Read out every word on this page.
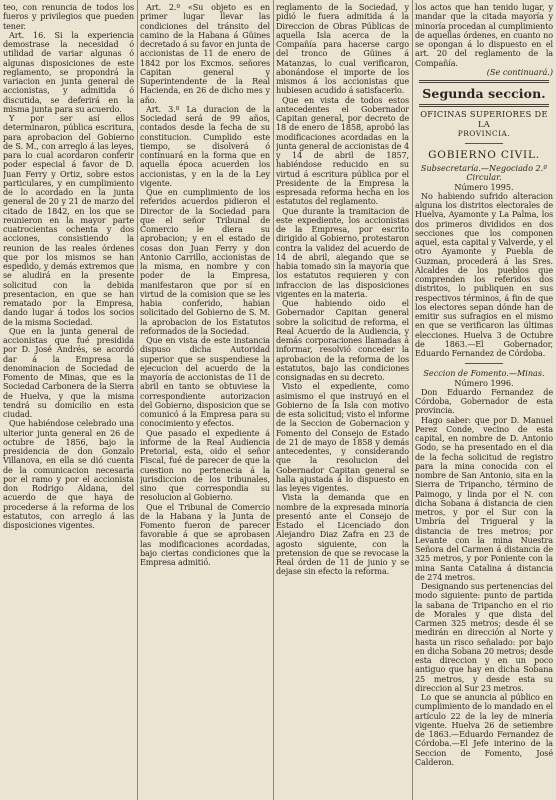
teo, con renuncia de todos los fueros y privilegios que pueden tener.

Art. 16. Si la experiencia demostrase la necesidad ó utilidad de variar algunas ó algunas disposiciones de este reglamento, se propondrá la variacion en junta general de accionistas, y admitida ó discutida, se deferirá en la misma junta para su acuerdo.

Y por ser así ellos determinaron, pública escritura, para aprobacion del Gobierno de S. M., con arreglo á las leyes, para lo cual acordaron conferir poder especial á favor de D. Juan Ferry y Ortiz, sobre estos particulares, y en cumplimiento de lo acordado en la junta general de 20 y 21 de marzo del citado de 1842, en los que se reunieron en la mayor parte cuatrocientas ochenta y dos acciones, consistiendo la reunion de las reales órdenes que por los mismos se han espedido, y demás extremos que se aludirá en la presente solicitud con la debida presentacion, en que se han rematado por la Empresa, dando lugar á todos los socios de la misma Sociedad.

Que en la junta general de accionistas que fué presidida por D. José Andrés, se acordó dar á la Empresa la denominacion de Sociedad de Fomento de Minas, que es la Sociedad Carbonera de la Sierra de Huelva, y que la misma tendrá su domicilio en esta ciudad.

Que habiéndose celebrado una ulterior junta general en 26 de octubre de 1856, bajo la presidencia de don Gonzalo Villanova, en ella se dió cuenta de la comunicacion necesaria por el ramo y por el accionista don Rodrigo Aldana, del acuerdo de que haya de procederse á la reforma de los estatutos, con arreglo á las disposiciones vigentes.

Art. 2.º «Su objeto es en primer lugar llevar las condiciones del tránsito del camino de la Habana á Güines decretado á su favor en junta de accionistas de 11 de enero de 1842 por los Excmos. señores Capitan general y Superintendente de la Real Hacienda, en 26 de dicho mes y año.

Art. 3.º La duracion de la Sociedad será de 99 años, contados desde la fecha de su constitucion. Cumplido este tiempo, se disolverá ó continuará en la forma que en aquella época acuerden los accionistas, y en la de la Ley vigente.

Que en cumplimiento de los referidos acuerdos pidieron el Director de la Sociedad para que el señor Tribunal de Comercio le diera su aprobacion; y en el estado de cosas don Juan Ferry y don Antonio Carrillo, accionistas de la misma, en nombre y con poder de la Empresa, manifestaron que por sí en virtud de la comision que se les habia conferido, habian solicitado del Gobierno de S. M. la aprobacion de los Estatutos reformados de la Sociedad.

Que en vista de este instancia dispuso dicha Autoridad superior que se suspendiese la ejecucion del acuerdo de la mayoría de accionistas de 11 de abril en tanto se obtuviese la correspondiente autorizacion del Gobierno, disposicion que se comunicó á la Empresa para su conocimiento y efectos.

Que pasado el expediente á informe de la Real Audiencia Pretorial, esta, oido el señor Fiscal, fué de parecer de que la cuestion no pertenecia á la jurisdiccion de los tribunales, sino que correspondia su resolucion al Gobierno.

Que el Tribunal de Comercio de la Habana y la Junta de Fomento fueron de parecer favorable á que se aprobasen las modificaciones acordadas, bajo ciertas condiciones que la Empresa admitió.

reglamento de la Sociedad, y pidió le fuera admitida á la Direccion de Obras Públicas de aquella Isla acerca de la Compañía para hacerse cargo del tronco de Güines á Matanzas, lo cual verificaron, abonándose el importe de los mismos á los accionistas que hubiesen acudido á satisfacerlo.

Que en vista de todos estos antecedentes el Gobernador Capitan general, por decreto de 18 de enero de 1858, aprobó las modificaciones acordadas en la junta general de accionistas de 4 y 14 de abril de 1857, habiéndose reducido en su virtud á escritura pública por el Presidente de la Empresa la espresada reforma hecha en los estatutos del reglamento.

Que durante la tramitacion de este expediente, los accionistas de la Empresa, por escrito dirigido al Gobierno, protestaron contra la validez del acuerdo de 14 de abril, alegando que se habia tomado sin la mayoría que los estatutos requieren y con infraccion de las disposiciones vigentes en la materia.

Que habiendo oido el Gobernador Capitan general sobre la solicitud de reforma, el Real Acuerdo de la Audiencia, y demás corporaciones llamadas á informar, resolvió conceder la aprobacion de la reforma de los estatutos, bajo las condiciones consignadas en su decreto.

Visto el expediente, como asimismo el que instruyó en el Gobierno de la Isla con motivo de esta solicitud; visto el informe de la Seccion de Gobernacion y Fomento del Consejo de Estado de 21 de mayo de 1858 y demás antecedentes, y considerando que la resolucion del Gobernador Capitan general se halla ajustada á lo dispuesto en las leyes vigentes.

Vista la demanda que en nombre de la expresada minoría presentó ante el Consejo de Estado el Licenciado don Alejandro Diaz Zafra en 23 de agosto siguiente, con la pretension de que se revocase la Real órden de 11 de junio y se dejase sin efecto la reforma.

los actos que han tenido lugar, y mandar que la citada mayoría y minoría procedan al cumplimiento de aquellas órdenes, en cuanto no se opongan á lo dispuesto en el art. 20 del reglamento de la Compañía.

(Se continuará.)

Segunda seccion.
OFICINAS SUPERIORES DE LA
PROVINCIA.
GOBIERNO CIVIL.
Subsecretaría.—Negociado 2.º Circular.
Número 1995.

No habiendo sufrido alteracion alguna los distritos electorales de Huelva, Ayamonte y La Palma, los dos primeros divididos en dos secciones que los componen aquel, esta capital y Valverde, y el otro Ayamonte y Puebla de Guzman, procederá á las Sres. Alcaldes de los pueblos que comprenden los referidos dos distritos, lo publiquen en sus respectivos términos, á fin de que los electores sepan dónde han de emitir sus sufragios en el mismo en que se verificaron las últimas elecciones. Huelva 3 de Octubre de 1863.—El Gobernador, Eduardo Fernandez de Córdoba.

Seccion de Fomento.—Minas.
Número 1996.

Don Eduardo Fernandez de Córdoba, Gobernador de esta provincia.

Hago saber: que por D. Manuel Perez Conde, vecino de esta capital, en nombre de D. Antonio Godo, se ha presentado en el dia de la fecha solicitud de registro para la mina conocida con el nombre de San Antonio, sita en la Sierra de Tripancho, término de Paimogo, y linda por el N. con dicha Sobana á distancia de cien metros, y por el Sur con la Umbría del Trigueral y la distancia de tres metros; por Levante con la mina Nuestra Señora del Carmen á distancia de 325 metros, y por Poniente con la mina Santa Catalina á distancia de 274 metros.

Designando sus pertenencias del modo siguiente: punto de partida la sabana de Tripancho en el rio de Morales y que dista del Carmen 325 metros; desde él se medirán en dirección al Norte y hasta un risco señalado: por bajo en dicha Sobana 20 metros; desde esta direccion y en un poco antiguo que hay en dicha Sobana 25 metros, y desde esta su direccion al Sur 23 metros.

Lo que se anuncia al público en cumplimiento de lo mandado en el artículo 22 de la ley de minería vigente. Huelva 26 de setiembre de 1863.—Eduardo Fernandez de Córdoba.—El Jefe interino de la Seccion de Fomento, José Calderon.
